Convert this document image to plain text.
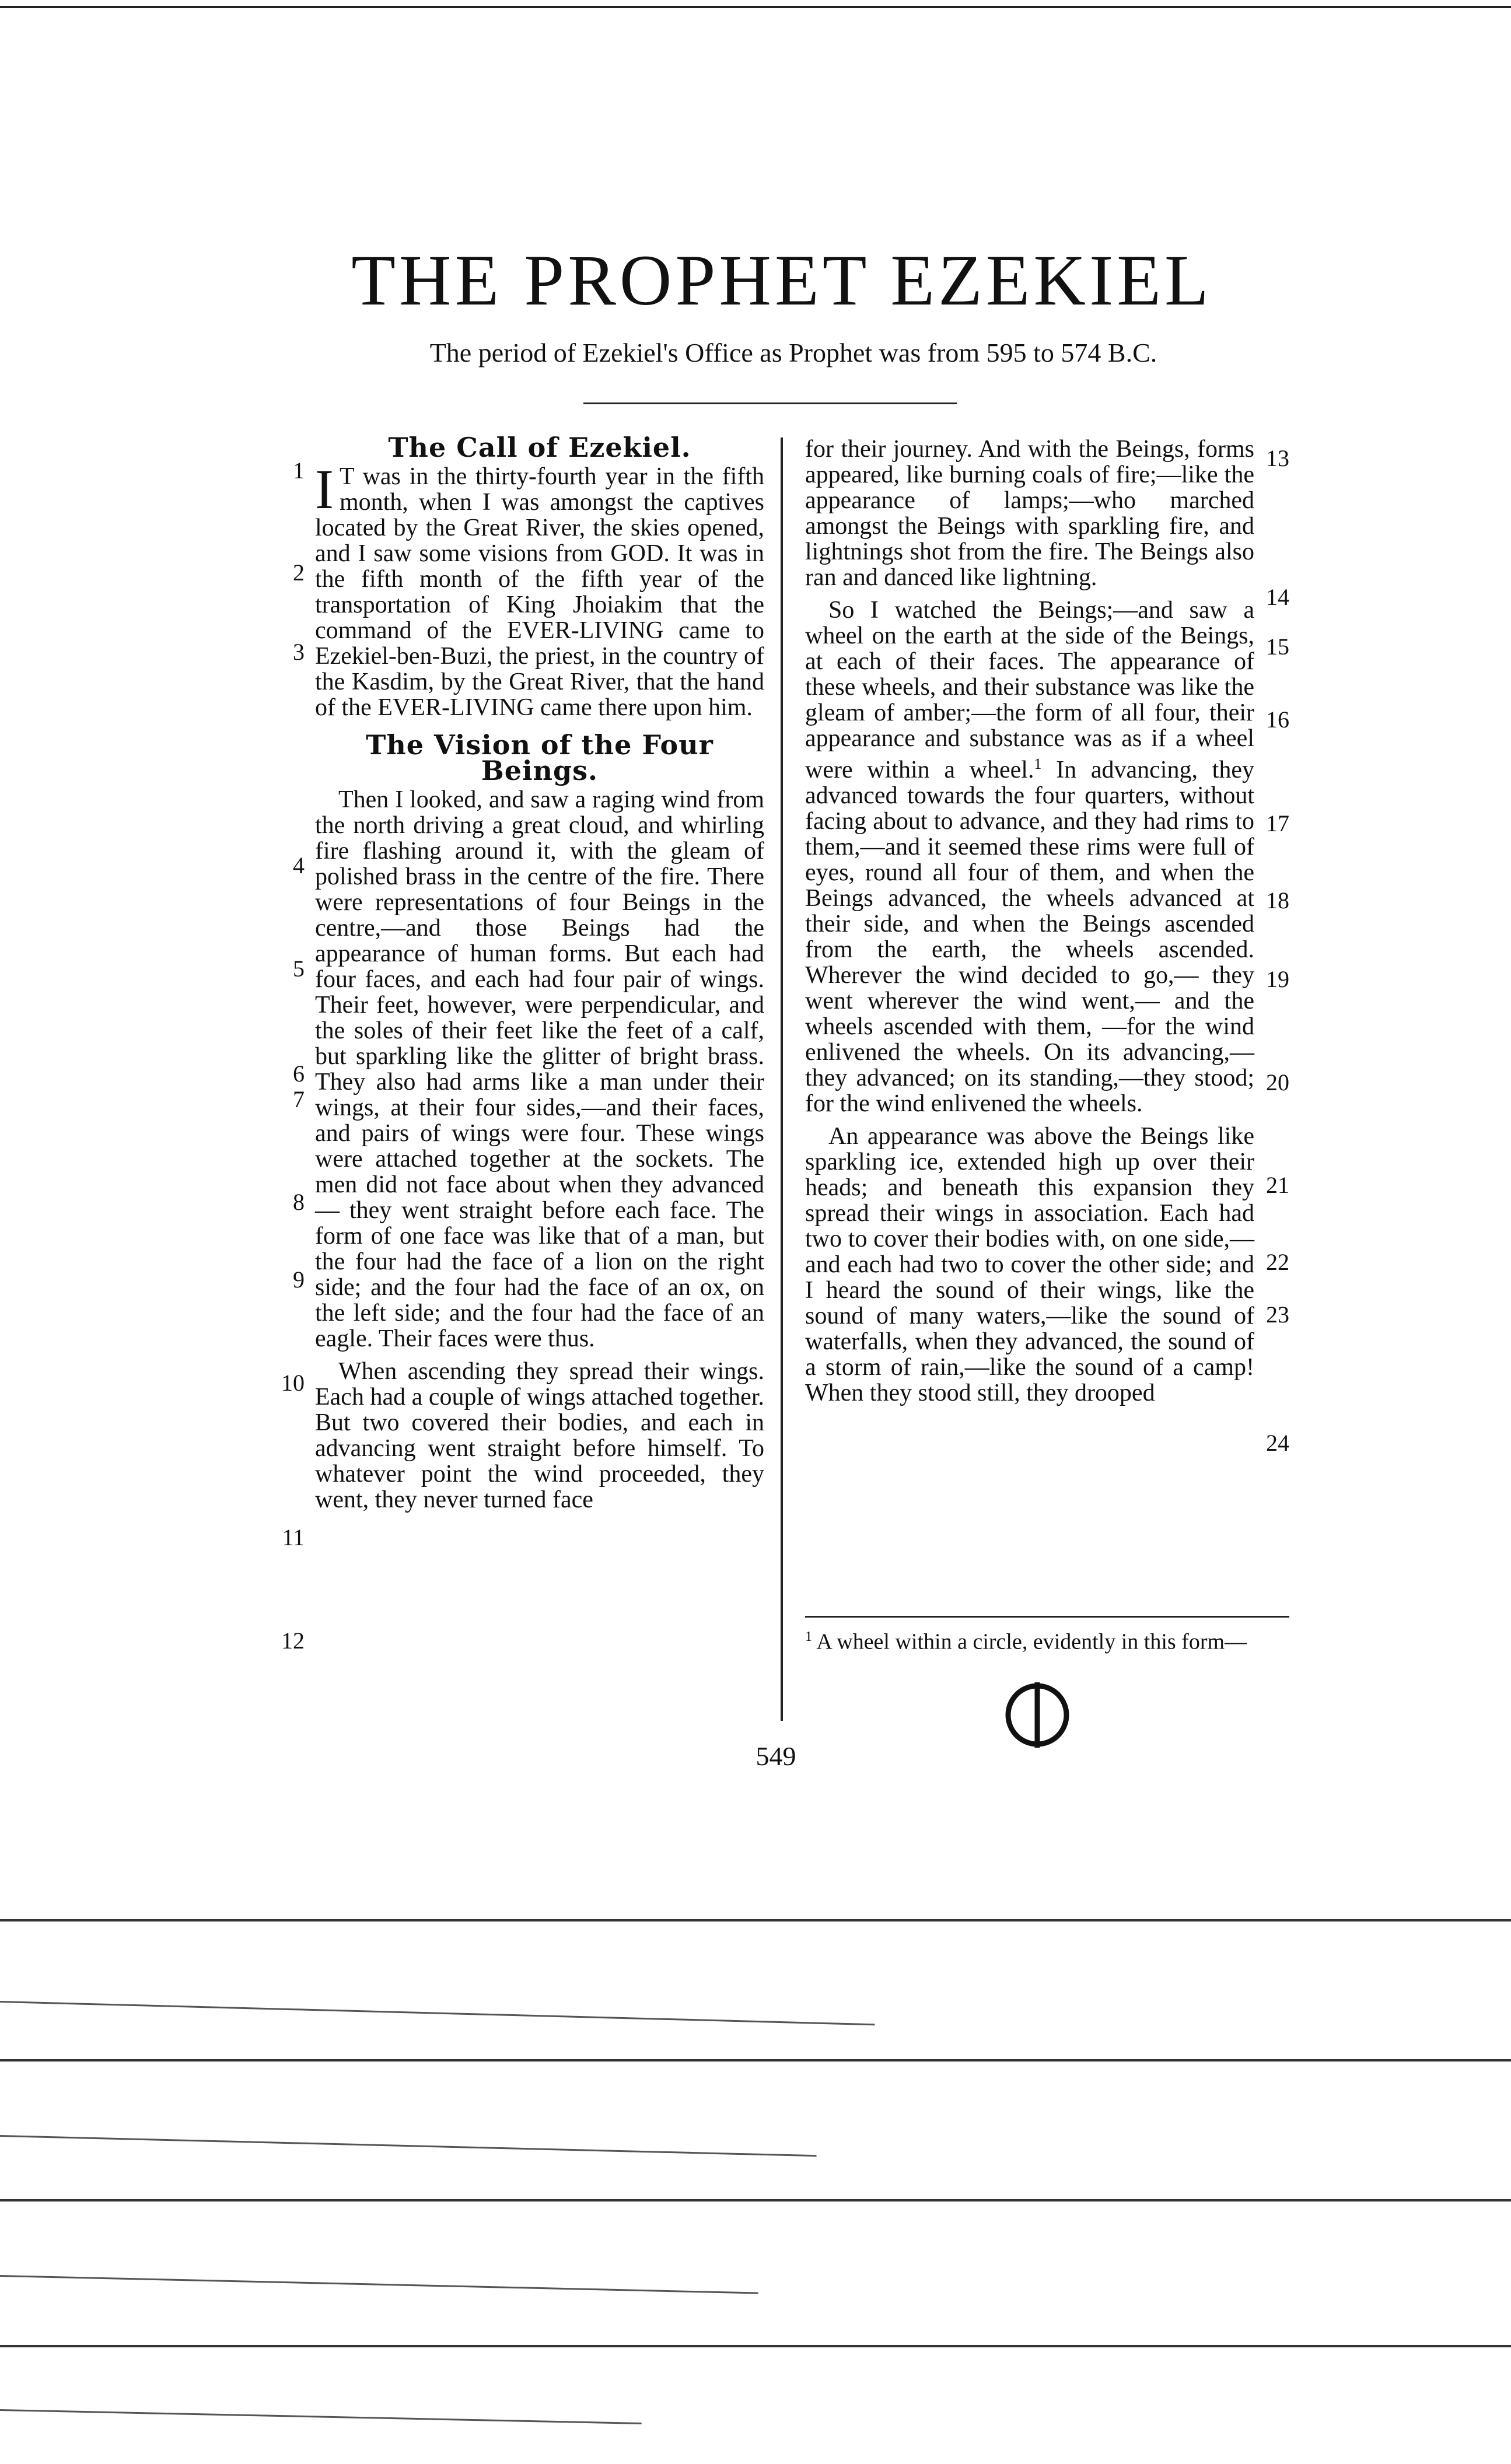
THE PROPHET EZEKIEL
The period of Ezekiel's Office as Prophet was from 595 to 574 B.C.
The Call of Ezekiel.

I T was in the thirty-fourth year in the fifth month, when I was amongst the captives located by the Great River, the skies opened, and I saw some visions from GOD. It was in the fifth month of the fifth year of the transportation of King Jhoiakim that the command of the EVER-LIVING came to Ezekiel-ben-Buzi, the priest, in the country of the Kasdim, by the Great River, that the hand of the EVER-LIVING came there upon him.

The Vision of the Four Beings.

Then I looked, and saw a raging wind from the north driving a great cloud, and whirling fire flashing around it, with the gleam of polished brass in the centre of the fire. There were representations of four Beings in the centre,—and those Beings had the appearance of human forms. But each had four faces, and each had four pair of wings. Their feet, however, were perpendicular, and the soles of their feet like the feet of a calf, but sparkling like the glitter of bright brass. They also had arms like a man under their wings, at their four sides,—and their faces, and pairs of wings were four. These wings were attached together at the sockets. The men did not face about when they advanced — they went straight before each face. The form of one face was like that of a man, but the four had the face of a lion on the right side; and the four had the face of an ox, on the left side; and the four had the face of an eagle. Their faces were thus.

When ascending they spread their wings. Each had a couple of wings attached together. But two covered their bodies, and each in advancing went straight before himself. To whatever point the wind proceeded, they went, they never turned face

for their journey. And with the Beings, forms appeared, like burning coals of fire;—like the appearance of lamps;—who marched amongst the Beings with sparkling fire, and lightnings shot from the fire. The Beings also ran and danced like lightning.

So I watched the Beings;—and saw a wheel on the earth at the side of the Beings, at each of their faces. The appearance of these wheels, and their substance was like the gleam of amber;—the form of all four, their appearance and substance was as if a wheel were within a wheel.$^1$ In advancing, they advanced towards the four quarters, without facing about to advance, and they had rims to them,—and it seemed these rims were full of eyes, round all four of them, and when the Beings advanced, the wheels advanced at their side, and when the Beings ascended from the earth, the wheels ascended. Wherever the wind decided to go,— they went wherever the wind went,— and the wheels ascended with them, —for the wind enlivened the wheels. On its advancing,—they advanced; on its standing,—they stood; for the wind enlivened the wheels.

An appearance was above the Beings like sparkling ice, extended high up over their heads; and beneath this expansion they spread their wings in association. Each had two to cover their bodies with, on one side,—and each had two to cover the other side; and I heard the sound of their wings, like the sound of many waters,—like the sound of waterfalls, when they advanced, the sound of a storm of rain,—like the sound of a camp! When they stood still, they drooped

1
2
3
4
5
6
7
8
9
10
11
12
13
14
15
16
17
18
19
20
21
22
23
24
$^1$ A wheel within a circle, evidently in this form—
549
